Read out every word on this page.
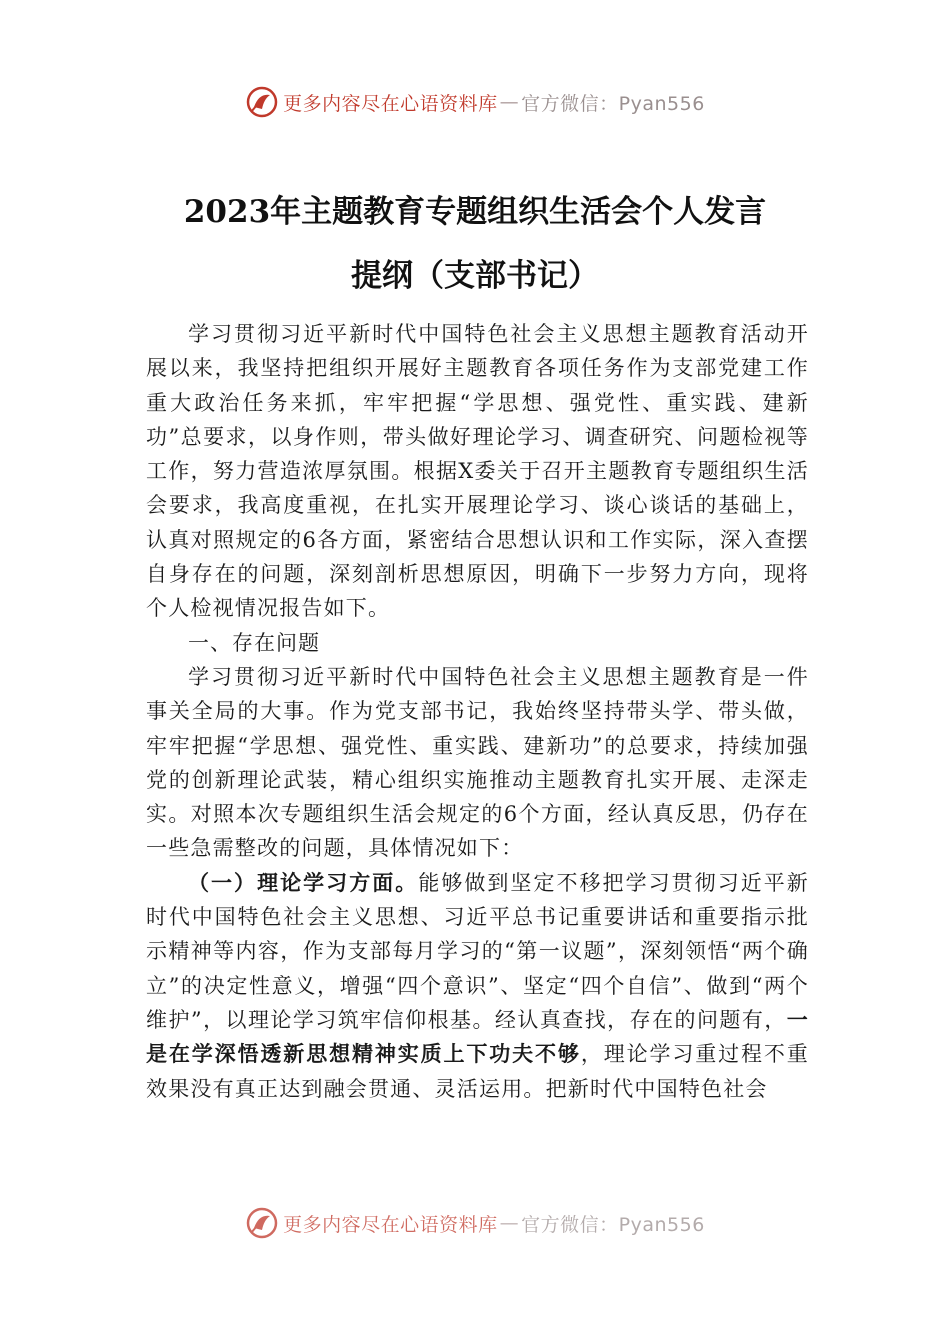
更多内容尽在心语资料库 — 官方微信：Pyan556
2023年主题教育专题组织生活会个人发言
提纲（支部书记）

学习贯彻习近平新时代中国特色社会主义思想主题教育活动开展以来，我坚持把组织开展好主题教育各项任务作为支部党建工作重大政治任务来抓，牢牢把握“学思想、强党性、重实践、建新功”总要求，以身作则，带头做好理论学习、调查研究、问题检视等工作，努力营造浓厚氛围。根据X委关于召开主题教育专题组织生活会要求，我高度重视，在扎实开展理论学习、谈心谈话的基础上，认真对照规定的6各方面，紧密结合思想认识和工作实际，深入查摆自身存在的问题，深刻剖析思想原因，明确下一步努力方向，现将个人检视情况报告如下。

一、存在问题

学习贯彻习近平新时代中国特色社会主义思想主题教育是一件事关全局的大事。作为党支部书记，我始终坚持带头学、带头做，牢牢把握“学思想、强党性、重实践、建新功”的总要求，持续加强党的创新理论武装，精心组织实施推动主题教育扎实开展、走深走实。对照本次专题组织生活会规定的6个方面，经认真反思，仍存在一些急需整改的问题，具体情况如下：

（一）理论学习方面。能够做到坚定不移把学习贯彻习近平新时代中国特色社会主义思想、习近平总书记重要讲话和重要指示批示精神等内容，作为支部每月学习的“第一议题”，深刻领悟“两个确立”的决定性意义，增强“四个意识”、坚定“四个自信”、做到“两个维护”，以理论学习筑牢信仰根基。经认真查找，存在的问题有，一是在学深悟透新思想精神实质上下功夫不够，理论学习重过程不重效果没有真正达到融会贯通、灵活运用。把新时代中国特色社会

更多内容尽在心语资料库 — 官方微信：Pyan556
